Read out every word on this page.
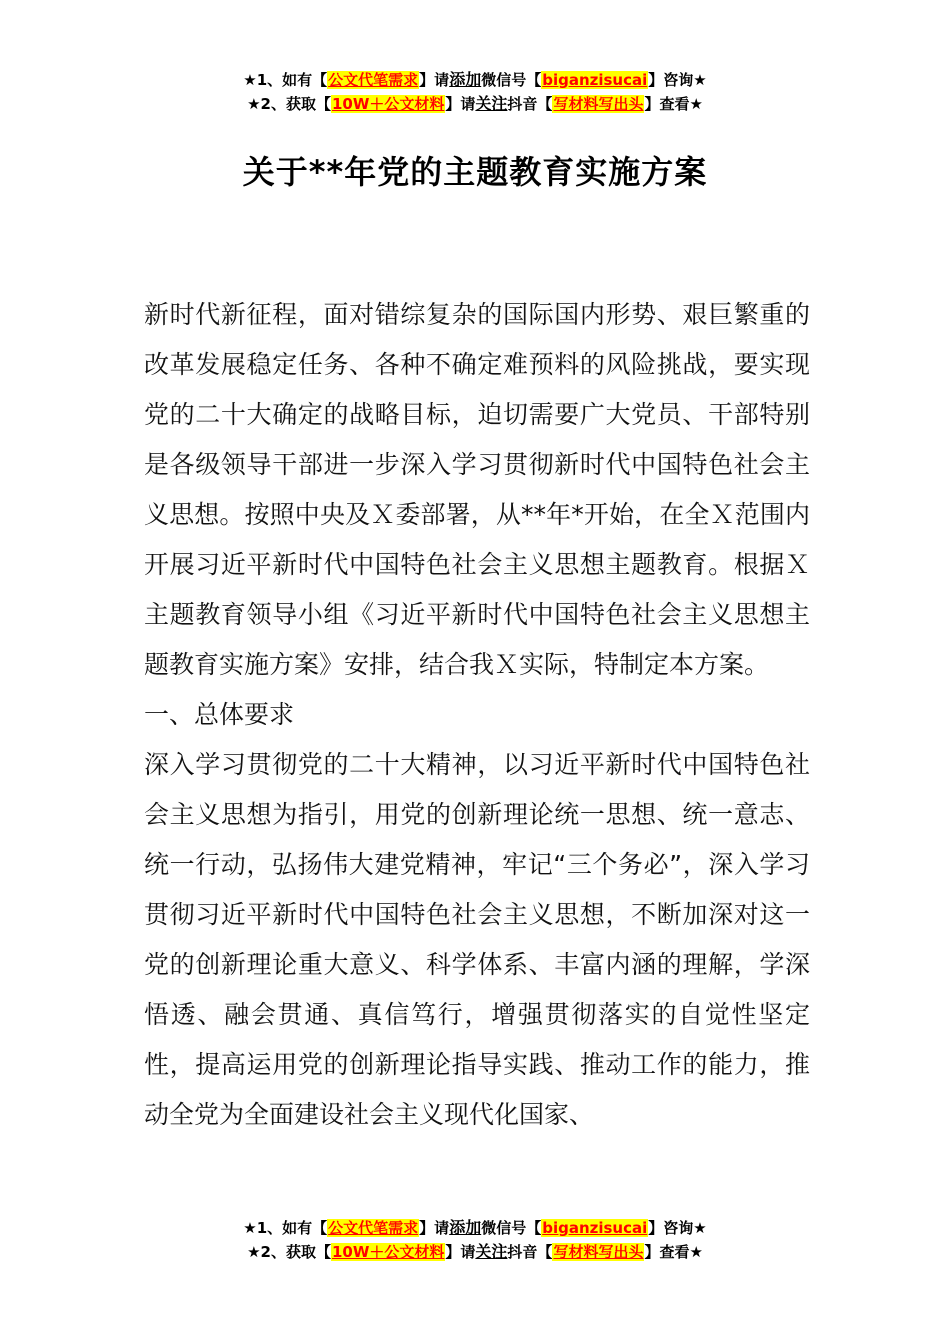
★1、如有【公文代笔需求】请添加微信号【biganzisucai】咨询★
★2、获取【10W＋公文材料】请关注抖音【写材料写出头】查看★
关于**年党的主题教育实施方案

新时代新征程，面对错综复杂的国际国内形势、艰巨繁重的改革发展稳定任务、各种不确定难预料的风险挑战，要实现党的二十大确定的战略目标，迫切需要广大党员、干部特别是各级领导干部进一步深入学习贯彻新时代中国特色社会主义思想。按照中央及Ｘ委部署，从**年*开始，在全Ｘ范围内开展习近平新时代中国特色社会主义思想主题教育。根据Ｘ主题教育领导小组《习近平新时代中国特色社会主义思想主题教育实施方案》安排，结合我Ｘ实际，特制定本方案。

一、总体要求

深入学习贯彻党的二十大精神，以习近平新时代中国特色社会主义思想为指引，用党的创新理论统一思想、统一意志、统一行动，弘扬伟大建党精神，牢记“三个务必”，深入学习贯彻习近平新时代中国特色社会主义思想，不断加深对这一党的创新理论重大意义、科学体系、丰富内涵的理解，学深悟透、融会贯通、真信笃行，增强贯彻落实的自觉性坚定性，提高运用党的创新理论指导实践、推动工作的能力，推动全党为全面建设社会主义现代化国家、

★1、如有【公文代笔需求】请添加微信号【biganzisucai】咨询★
★2、获取【10W＋公文材料】请关注抖音【写材料写出头】查看★
